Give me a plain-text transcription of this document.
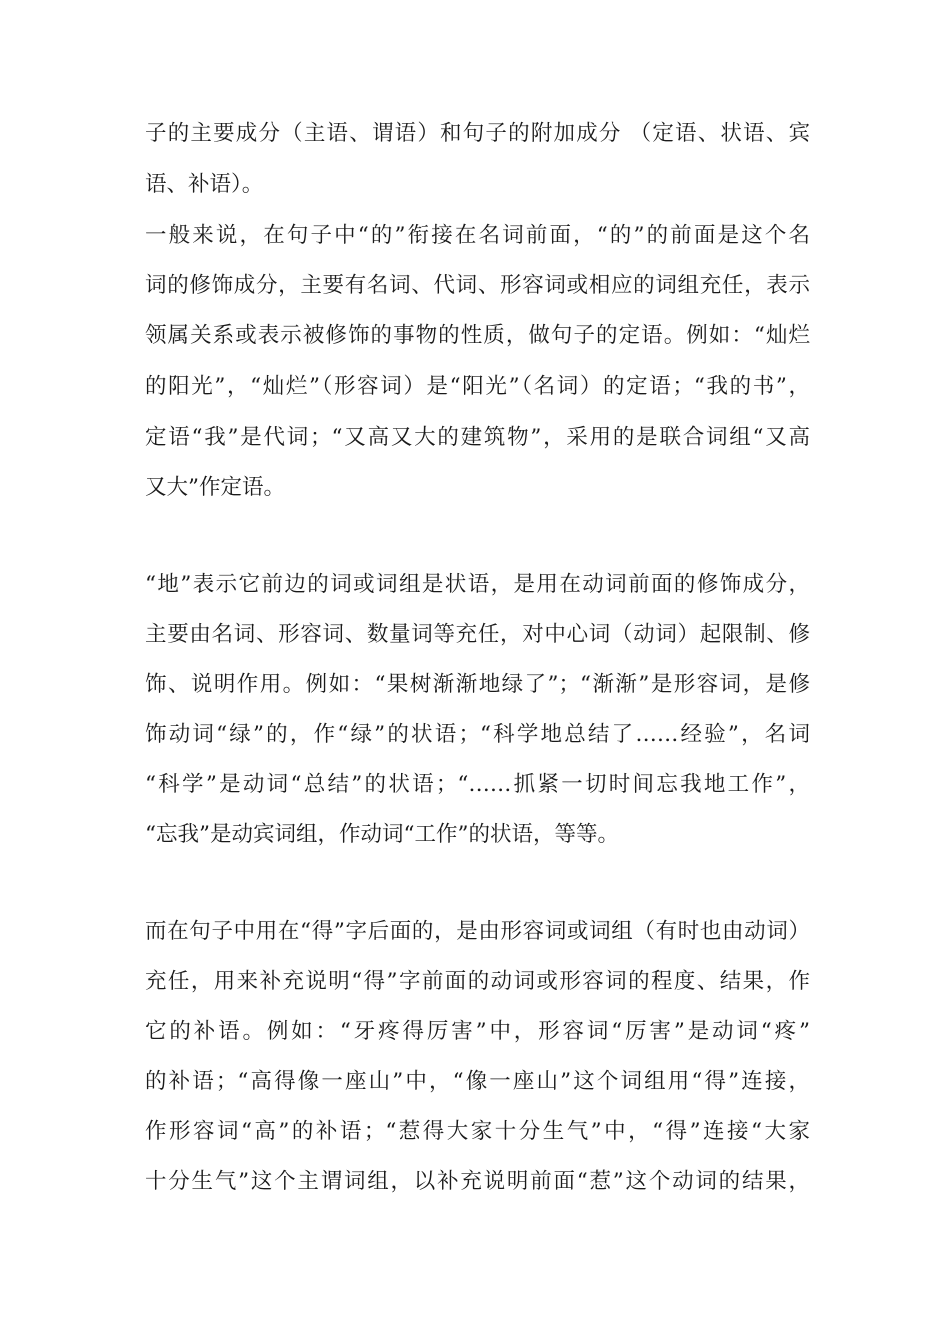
子的主要成分（主语、谓语）和句子的附加成分 （定语、状语、宾

语、补语）。

一般来说，在句子中“的”衔接在名词前面，“的”的前面是这个名

词的修饰成分，主要有名词、代词、形容词或相应的词组充任，表示

领属关系或表示被修饰的事物的性质，做句子的定语。例如：“灿烂

的阳光”，“灿烂”（形容词）是“阳光”（名词）的定语；“我的书”，

定语“我”是代词；“又高又大的建筑物”，采用的是联合词组“又高

又大”作定语。

“地”表示它前边的词或词组是状语，是用在动词前面的修饰成分，

主要由名词、形容词、数量词等充任，对中心词（动词）起限制、修

饰、说明作用。例如：“果树渐渐地绿了”；“渐渐”是形容词，是修

饰动词“绿”的，作“绿”的状语；“科学地总结了……经验”，名词

“科学”是动词“总结”的状语；“……抓紧一切时间忘我地工作”，

“忘我”是动宾词组，作动词“工作”的状语，等等。

而在句子中用在“得”字后面的，是由形容词或词组（有时也由动词）

充任，用来补充说明“得”字前面的动词或形容词的程度、结果，作

它的补语。例如：“牙疼得厉害”中，形容词“厉害”是动词“疼”

的补语；“高得像一座山”中，“像一座山”这个词组用“得”连接，

作形容词“高”的补语；“惹得大家十分生气”中，“得”连接“大家

十分生气”这个主谓词组，以补充说明前面“惹”这个动词的结果，
